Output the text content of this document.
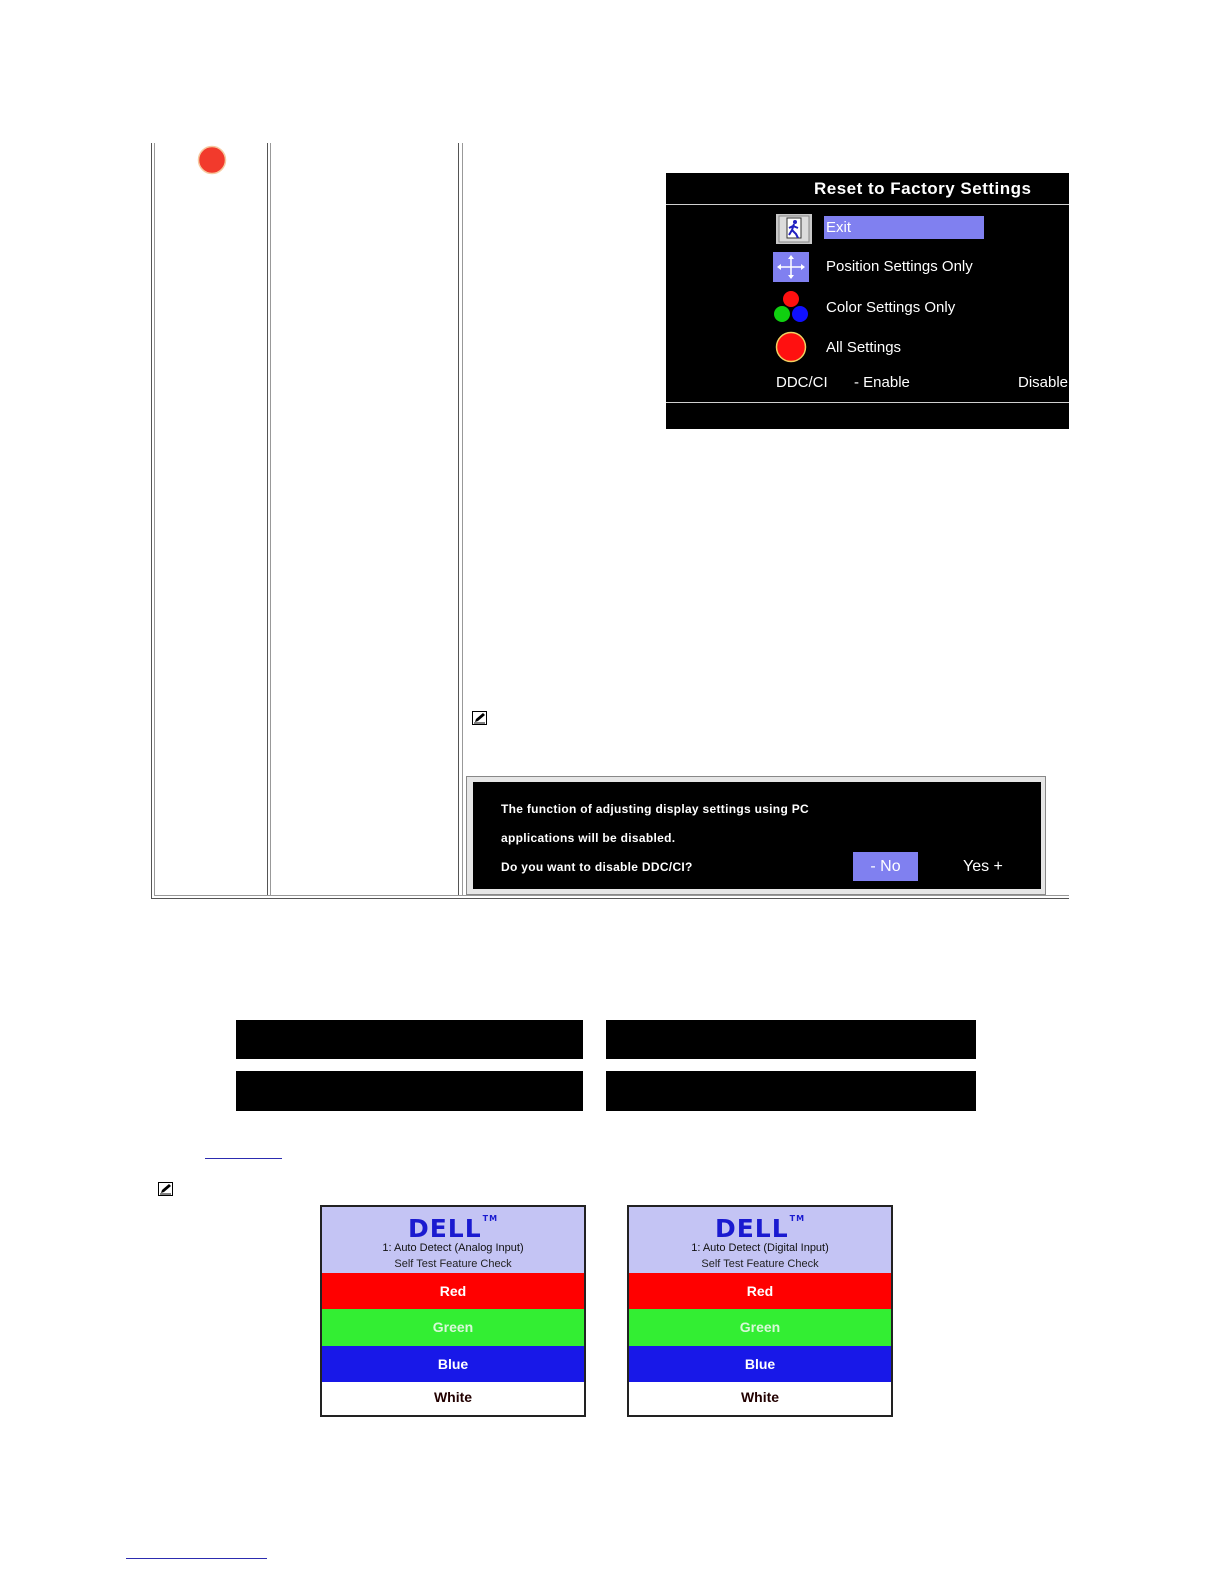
Reset to Factory Settings
Exit
Position Settings Only
Color Settings Only
All Settings
DDC/CI - Enable	Disable
The function of adjusting display settings using PC
applications will be disabled.
Do you want to disable DDC/CI?	- No	Yes +
DELL™
1: Auto Detect (Analog Input)
Self Test Feature Check
Red
Green
Blue
White
DELL™
1: Auto Detect (Digital Input)
Self Test Feature Check
Red
Green
Blue
White
